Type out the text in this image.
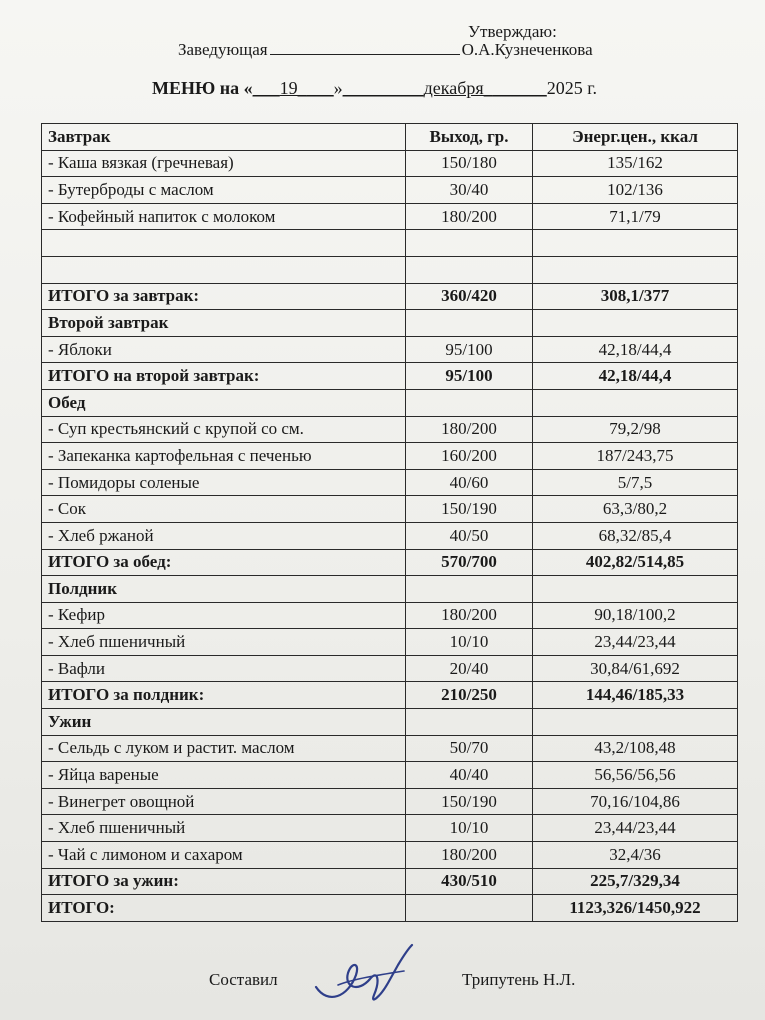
Утверждаю:
Заведующая	О.А.Кузнеченкова
МЕНЮ на «___19____»_________декабря_______2025 г.
Завтрак	Выход, гр.	Энерг.цен., ккал
- Каша вязкая (гречневая)	150/180	135/162
- Бутерброды с маслом	30/40	102/136
- Кофейный напиток с молоком	180/200	71,1/79

ИТОГО за завтрак:	360/420	308,1/377
Второй завтрак		
- Яблоки	95/100	42,18/44,4
ИТОГО на второй завтрак:	95/100	42,18/44,4
Обед		
- Суп крестьянский с крупой со см.	180/200	79,2/98
- Запеканка картофельная с печенью	160/200	187/243,75
- Помидоры соленые	40/60	5/7,5
- Сок	150/190	63,3/80,2
- Хлеб ржаной	40/50	68,32/85,4
ИТОГО за обед:	570/700	402,82/514,85
Полдник		
- Кефир	180/200	90,18/100,2
- Хлеб пшеничный	10/10	23,44/23,44
- Вафли	20/40	30,84/61,692
ИТОГО за полдник:	210/250	144,46/185,33
Ужин		
- Сельдь с луком и растит. маслом	50/70	43,2/108,48
- Яйца вареные	40/40	56,56/56,56
- Винегрет овощной	150/190	70,16/104,86
- Хлеб пшеничный	10/10	23,44/23,44
- Чай с лимоном и сахаром	180/200	32,4/36
ИТОГО за ужин:	430/510	225,7/329,34
ИТОГО:		1123,326/1450,922
Составил	Трипутень Н.Л.
